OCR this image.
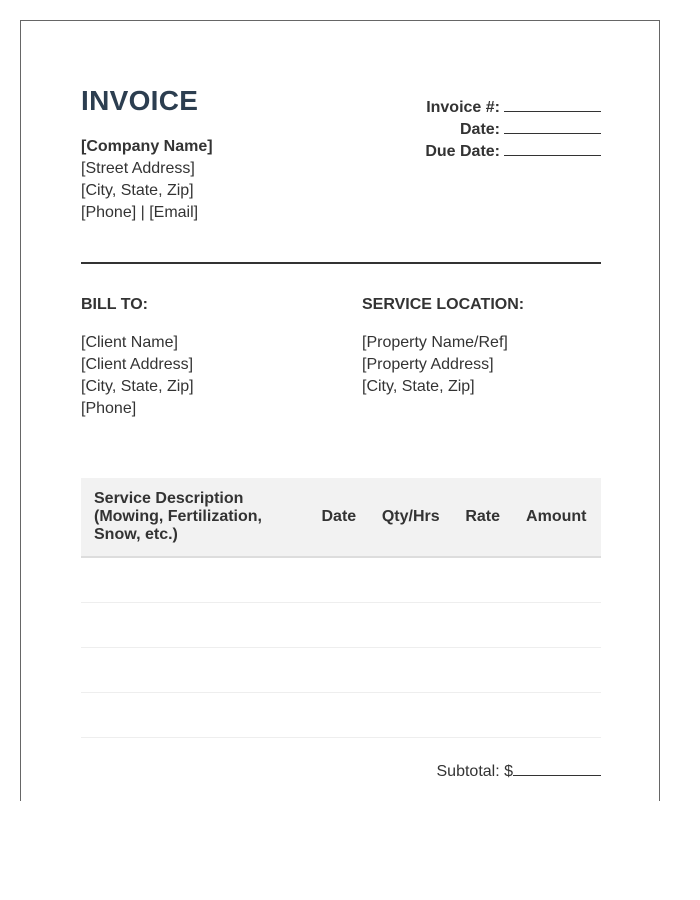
INVOICE
[Company Name]
[Street Address]
[City, State, Zip]
[Phone] | [Email]
Invoice #:
Date:
Due Date:
BILL TO:	SERVICE LOCATION:
[Client Name]
[Client Address]
[City, State, Zip]
[Phone]
[Property Name/Ref]
[Property Address]
[City, State, Zip]
Service Description (Mowing, Fertilization, Snow, etc.)	Date	Qty/Hrs	Rate	Amount

Subtotal: $
